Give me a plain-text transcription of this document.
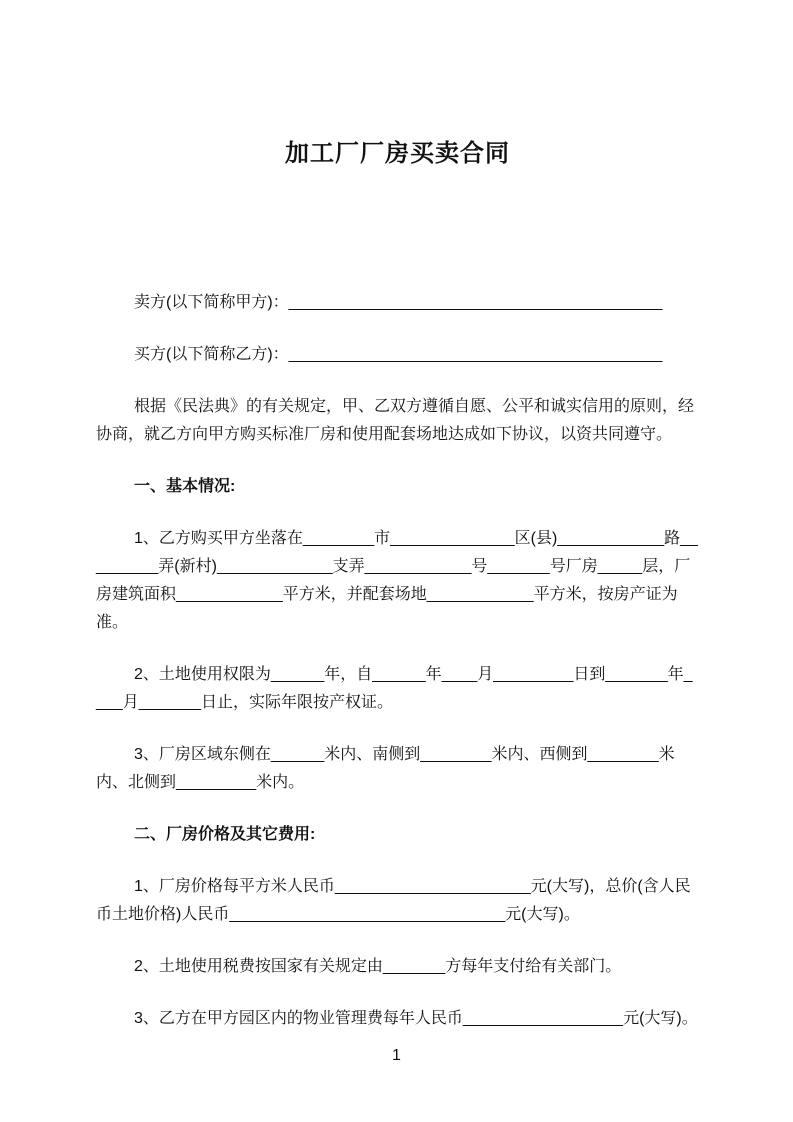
加工厂厂房买卖合同

卖方(以下简称甲方)：__________________________________________

买方(以下简称乙方)：__________________________________________

根据《民法典》的有关规定，甲、乙双方遵循自愿、公平和诚实信用的原则，经协商，就乙方向甲方购买标准厂房和使用配套场地达成如下协议，以资共同遵守。

一、基本情况:

1、乙方购买甲方坐落在________市______________区(县)____________路_________弄(新村)_____________支弄____________号_______号厂房_____层，厂房建筑面积____________平方米，并配套场地____________平方米，按房产证为准。

2、土地使用权限为______年，自______年____月_________日到_______年____月_______日止，实际年限按产权证。

3、厂房区域东侧在______米内、南侧到________米内、西侧到________米内、北侧到_________米内。

二、厂房价格及其它费用:

1、厂房价格每平方米人民币______________________元(大写)，总价(含人民币土地价格)人民币_______________________________元(大写)。

2、土地使用税费按国家有关规定由_______方每年支付给有关部门。

3、乙方在甲方园区内的物业管理费每年人民币__________________元(大写)。

1
